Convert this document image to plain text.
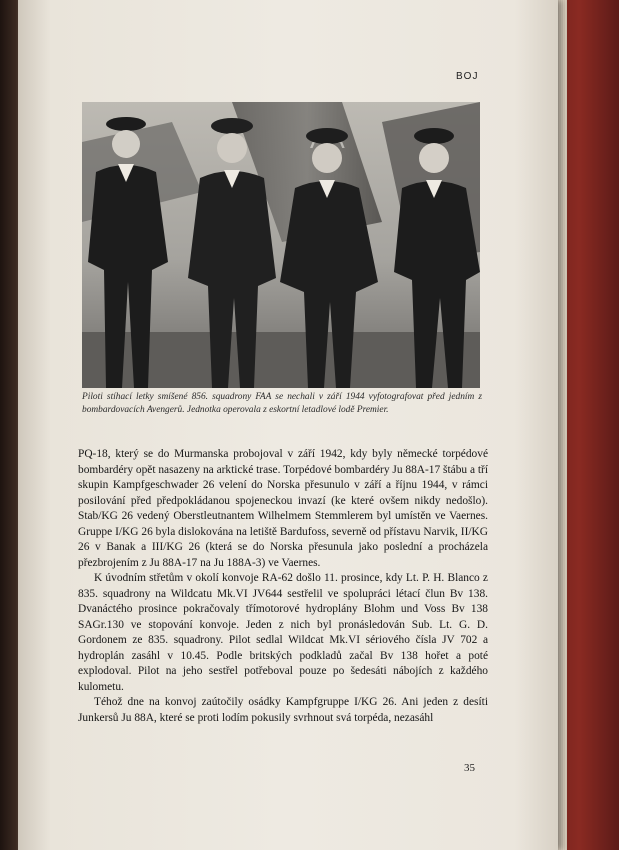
BOJ
Piloti stíhací letky smíšené 856. squadrony FAA se nechali v září 1944 vyfotografovat před jedním z bombardovacích Avengerů. Jednotka operovala z eskortní letadlové lodě Premier.

PQ-18, který se do Murmanska probojoval v září 1942, kdy byly německé torpédové bombardéry opět nasazeny na arktické trase. Torpédové bombardéry Ju 88A-17 štábu a tří skupin Kampfgeschwader 26 velení do Norska přesunulo v září a říjnu 1944, v rámci posilování před předpokládanou spojeneckou invazí (ke které ovšem nikdy nedošlo). Stab/KG 26 vedený Oberstleutnantem Wilhelmem Stemmlerem byl umístěn ve Vaernes. Gruppe I/KG 26 byla dislokována na letiště Bardufoss, severně od přístavu Narvik, II/KG 26 v Banak a III/KG 26 (která se do Norska přesunula jako poslední a procházela přezbrojením z Ju 88A-17 na Ju 188A-3) ve Vaernes.

K úvodním střetům v okolí konvoje RA-62 došlo 11. prosince, kdy Lt. P. H. Blanco z 835. squadrony na Wildcatu Mk.VI JV644 sestřelil ve spolupráci létací člun Bv 138. Dvanáctého prosince pokračovaly třímotorové hydroplány Blohm und Voss Bv 138 SAGr.130 ve stopování konvoje. Jeden z nich byl pronásledován Sub. Lt. G. D. Gordonem ze 835. squadrony. Pilot sedlal Wildcat Mk.VI sériového čísla JV 702 a hydroplán zasáhl v 10.45. Podle britských podkladů začal Bv 138 hořet a poté explodoval. Pilot na jeho sestřel potřeboval pouze po šedesáti nábojích z každého kulometu.

Téhož dne na konvoj zaútočily osádky Kampfgruppe I/KG 26. Ani jeden z desíti Junkersů Ju 88A, které se proti lodím pokusily svrhnout svá torpéda, nezasáhl

35
